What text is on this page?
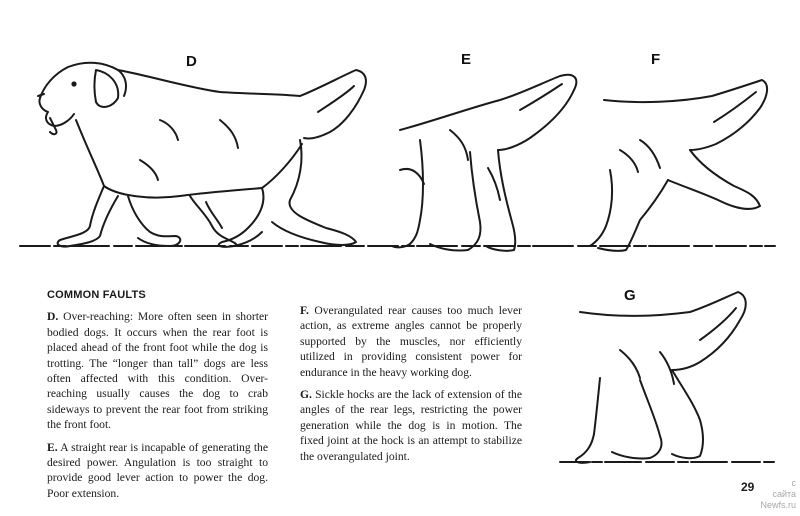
D	E	F
G
COMMON FAULTS

D. Over-reaching: More often seen in shorter bodied dogs. It occurs when the rear foot is placed ahead of the front foot while the dog is trotting. The “longer than tall” dogs are less often affected with this condition. Over-reaching usually causes the dog to crab sideways to prevent the rear foot from striking the front foot.

E. A straight rear is incapable of generating the desired power. Angulation is too straight to provide good lever action to power the dog. Poor extension.

F. Overangulated rear causes too much lever action, as extreme angles cannot be properly supported by the muscles, nor efficiently utilized in providing consistent power for endurance in the heavy working dog.

G. Sickle hocks are the lack of extension of the angles of the rear legs, restricting the power generation while the dog is in motion. The fixed joint at the hock is an attempt to stabilize the overangulated joint.

29	с
сайта
Newfs.ru
